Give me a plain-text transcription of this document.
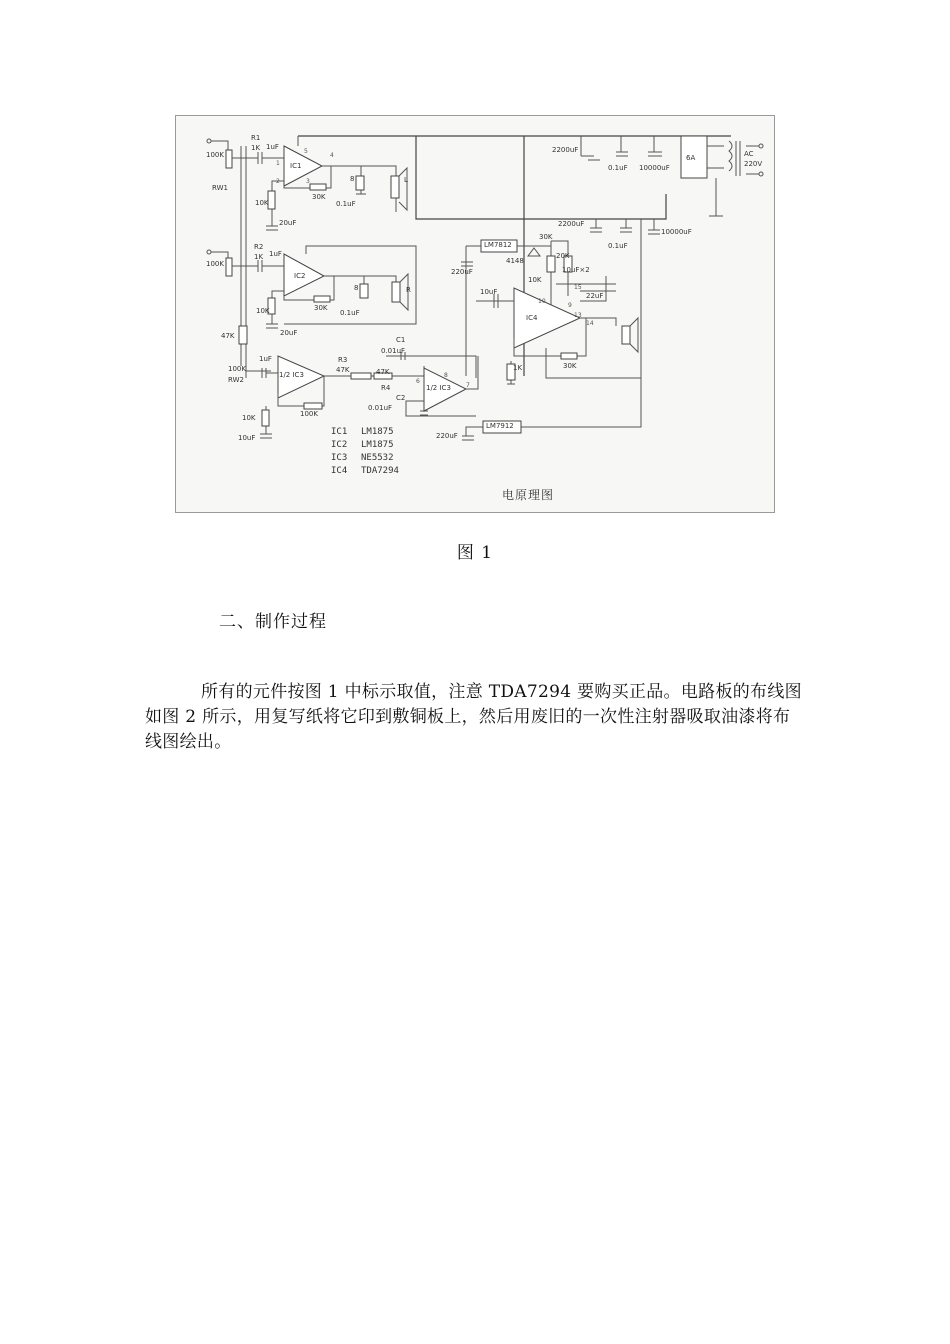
100K
RW1
R1
1K 1uF
IC1
10K
20uF
30K
8
0.1uF
L
100K
R2
1K 1uF
IC2
10K
20uF
30K
8
0.1uF
R
47K
100K
RW2
1uF
1/2 IC3
R3
47K
C1
0.01uF
R4
47K
C2
0.01uF
1/2 IC3
10K	100K
10uF
2200uF
0.1uF 10000uF
6A	AC
220V
2200uF
0.1uF
10000uF
LM7812
4148
30K
20K
10K
220uF
10uF
10uF×2
22uF
IC4
1K	30K
LM7912
220uF
4
1
2	3
5
7
8
6
9
10
14
15
13
IC1 LM1875
IC2 LM1875
IC3 NE5532
IC4 TDA7294
电原理图
图 1
二、制作过程

所有的元件按图 1 中标示取值，注意 TDA7294 要购买正品。电路板的布线图如图 2 所示，用复写纸将它印到敷铜板上，然后用废旧的一次性注射器吸取油漆将布线图绘出。
